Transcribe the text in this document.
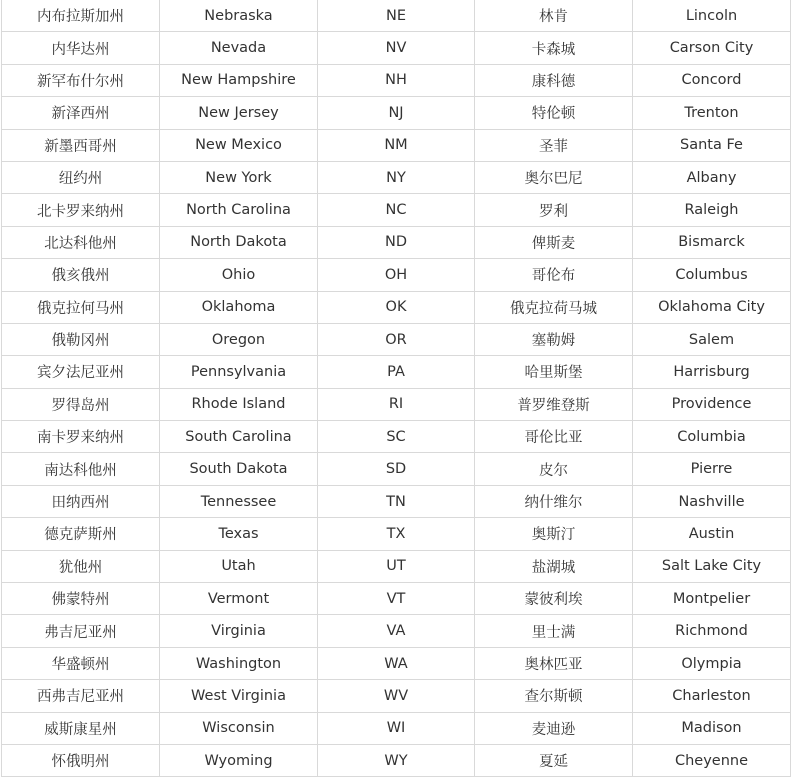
内布拉斯加州	Nebraska	NE	林肯	Lincoln
内华达州	Nevada	NV	卡森城	Carson City
新罕布什尔州	New Hampshire	NH	康科德	Concord
新泽西州	New Jersey	NJ	特伦顿	Trenton
新墨西哥州	New Mexico	NM	圣菲	Santa Fe
纽约州	New York	NY	奥尔巴尼	Albany
北卡罗来纳州	North Carolina	NC	罗利	Raleigh
北达科他州	North Dakota	ND	俾斯麦	Bismarck
俄亥俄州	Ohio	OH	哥伦布	Columbus
俄克拉何马州	Oklahoma	OK	俄克拉荷马城	Oklahoma City
俄勒冈州	Oregon	OR	塞勒姆	Salem
宾夕法尼亚州	Pennsylvania	PA	哈里斯堡	Harrisburg
罗得岛州	Rhode Island	RI	普罗维登斯	Providence
南卡罗来纳州	South Carolina	SC	哥伦比亚	Columbia
南达科他州	South Dakota	SD	皮尔	Pierre
田纳西州	Tennessee	TN	纳什维尔	Nashville
德克萨斯州	Texas	TX	奥斯汀	Austin
犹他州	Utah	UT	盐湖城	Salt Lake City
佛蒙特州	Vermont	VT	蒙彼利埃	Montpelier
弗吉尼亚州	Virginia	VA	里士满	Richmond
华盛顿州	Washington	WA	奥林匹亚	Olympia
西弗吉尼亚州	West Virginia	WV	查尔斯顿	Charleston
威斯康星州	Wisconsin	WI	麦迪逊	Madison
怀俄明州	Wyoming	WY	夏延	Cheyenne
